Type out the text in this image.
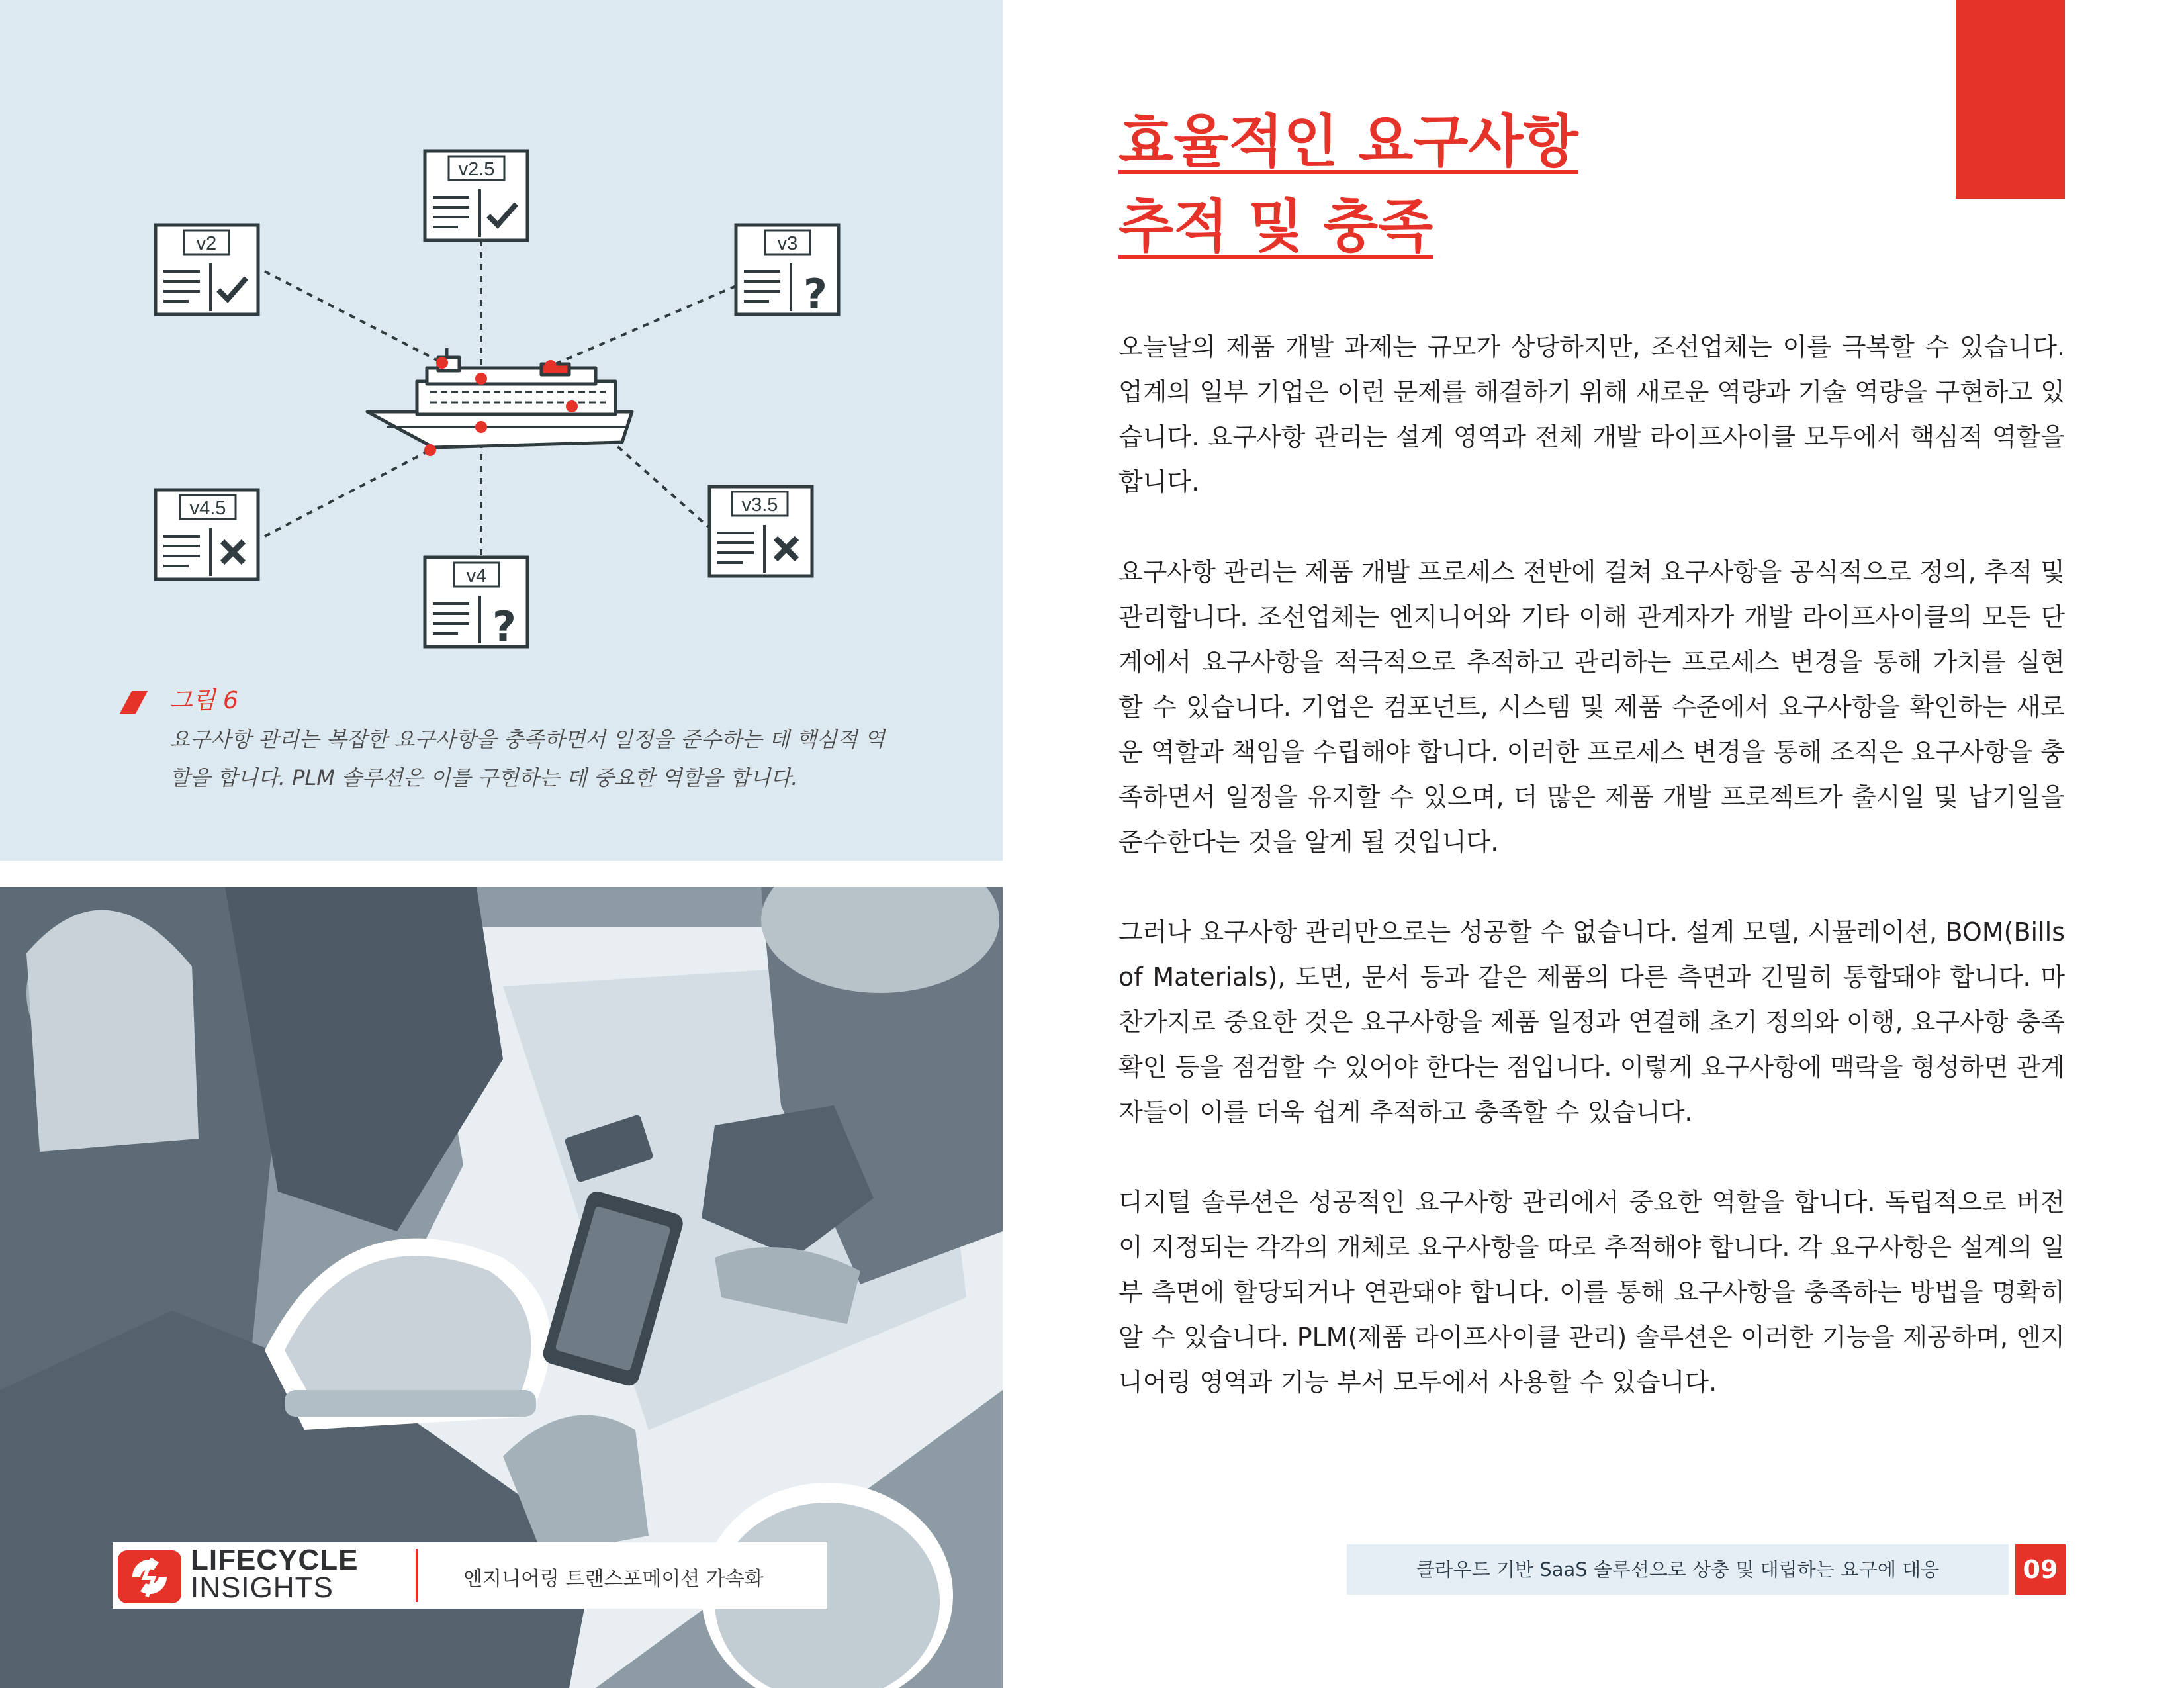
v2
v2.5
v3
?
v4.5
v4
?
v3.5
그림 6
요구사항 관리는 복잡한 요구사항을 충족하면서 일정을 준수하는 데 핵심적 역할을 합니다. PLM 솔루션은 이를 구현하는 데 중요한 역할을 합니다.
LIFECYCLE
INSIGHTS	엔지니어링 트랜스포메이션 가속화
효율적인 요구사항
추적 및 충족

오늘날의 제품 개발 과제는 규모가 상당하지만, 조선업체는 이를 극복할 수 있습니다. 업계의 일부 기업은 이런 문제를 해결하기 위해 새로운 역량과 기술 역량을 구현하고 있습니다. 요구사항 관리는 설계 영역과 전체 개발 라이프사이클 모두에서 핵심적 역할을 합니다.

요구사항 관리는 제품 개발 프로세스 전반에 걸쳐 요구사항을 공식적으로 정의, 추적 및 관리합니다. 조선업체는 엔지니어와 기타 이해 관계자가 개발 라이프사이클의 모든 단계에서 요구사항을 적극적으로 추적하고 관리하는 프로세스 변경을 통해 가치를 실현할 수 있습니다. 기업은 컴포넌트, 시스템 및 제품 수준에서 요구사항을 확인하는 새로운 역할과 책임을 수립해야 합니다. 이러한 프로세스 변경을 통해 조직은 요구사항을 충족하면서 일정을 유지할 수 있으며, 더 많은 제품 개발 프로젝트가 출시일 및 납기일을 준수한다는 것을 알게 될 것입니다.

그러나 요구사항 관리만으로는 성공할 수 없습니다. 설계 모델, 시뮬레이션, BOM(Bills of Materials), 도면, 문서 등과 같은 제품의 다른 측면과 긴밀히 통합돼야 합니다. 마찬가지로 중요한 것은 요구사항을 제품 일정과 연결해 초기 정의와 이행, 요구사항 충족 확인 등을 점검할 수 있어야 한다는 점입니다. 이렇게 요구사항에 맥락을 형성하면 관계자들이 이를 더욱 쉽게 추적하고 충족할 수 있습니다.

디지털 솔루션은 성공적인 요구사항 관리에서 중요한 역할을 합니다. 독립적으로 버전이 지정되는 각각의 개체로 요구사항을 따로 추적해야 합니다. 각 요구사항은 설계의 일부 측면에 할당되거나 연관돼야 합니다. 이를 통해 요구사항을 충족하는 방법을 명확히 알 수 있습니다. PLM(제품 라이프사이클 관리) 솔루션은 이러한 기능을 제공하며, 엔지니어링 영역과 기능 부서 모두에서 사용할 수 있습니다.

클라우드 기반 SaaS 솔루션으로 상충 및 대립하는 요구에 대응	09
